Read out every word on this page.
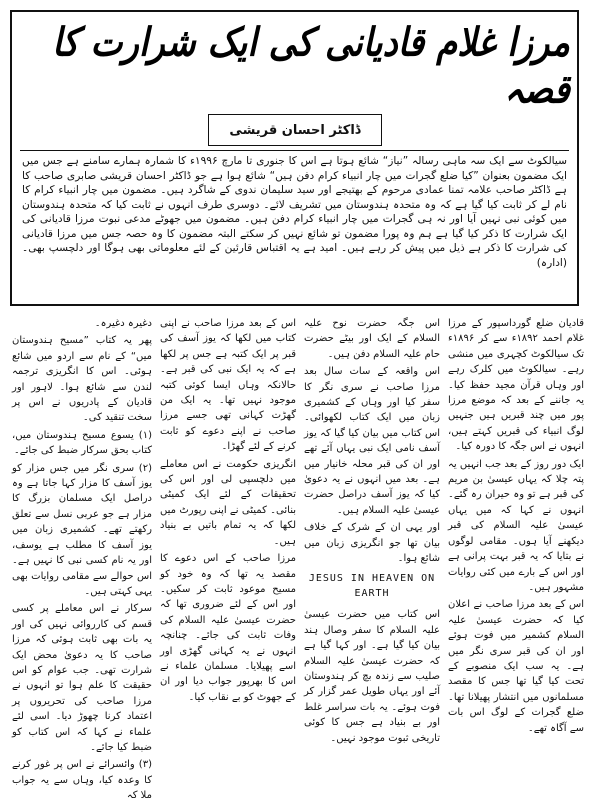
مرزا غلام قادیانی کی ایک شرارت کا قصہ
ڈاکٹر احسان قریشی

سیالکوٹ سے ایک سہ ماہی رسالہ ”نیاز“ شائع ہوتا ہے اس کا جنوری تا مارچ ۱۹۹۶ء کا شمارہ ہمارے سامنے ہے جس میں ایک مضمون بعنوان ”کیا ضلع گجرات میں چار انبیاء کرام دفن ہیں“ شائع ہوا ہے جو ڈاکٹر احسان قریشی صابری صاحب کا ہے ڈاکٹر صاحب علامہ تمنا عمادی مرحوم کے بھتیجے اور سید سلیمان ندوی کے شاگرد ہیں۔ مضمون میں چار انبیاء کرام کا نام لے کر ثابت کیا گیا ہے کہ وہ متحدہ ہندوستان میں تشریف لائے۔ دوسری طرف انہوں نے ثابت کیا کہ متحدہ ہندوستان میں کوئی نبی نہیں آیا اور نہ ہی گجرات میں چار انبیاء کرام دفن ہیں۔ مضمون میں جھوٹے مدعی نبوت مرزا قادیانی کی ایک شرارت کا ذکر کیا گیا ہے ہم وہ پورا مضمون تو شائع نہیں کر سکتے البتہ مضمون کا وہ حصہ جس میں مرزا قادیانی کی شرارت کا ذکر ہے ذیل میں پیش کر رہے ہیں۔ امید ہے یہ اقتباس قارئین کے لئے معلوماتی بھی ہوگا اور دلچسپ بھی۔ (ادارہ)

قادیان ضلع گورداسپور کے مرزا غلام احمد ۱۸۹۲ء سے کر ۱۸۹۶ء تک سیالکوٹ کچہری میں منشی رہے۔ سیالکوٹ میں کلرک رہے اور وہاں قرآن مجید حفظ کیا۔ یہ جاننے کے بعد کہ موضع مرزا پور میں چند قبریں ہیں جنہیں لوگ انبیاء کی قبریں کہتے ہیں، انہوں نے اس جگہ کا دورہ کیا۔

ایک دور روز کے بعد جب انہیں یہ پتہ چلا کہ یہاں عیسیٰ بن مریم کی قبر ہے تو وہ حیران رہ گئے۔ انہوں نے کہا کہ میں یہاں عیسیٰ علیہ السلام کی قبر دیکھنے آیا ہوں۔ مقامی لوگوں نے بتایا کہ یہ قبر بہت پرانی ہے اور اس کے بارے میں کئی روایات مشہور ہیں۔

اس کے بعد مرزا صاحب نے اعلان کیا کہ حضرت عیسیٰ علیہ السلام کشمیر میں فوت ہوئے اور ان کی قبر سری نگر میں ہے۔ یہ سب ایک منصوبے کے تحت کیا گیا تھا جس کا مقصد مسلمانوں میں انتشار پھیلانا تھا۔ ضلع گجرات کے لوگ اس بات سے آگاہ تھے۔

اس جگہ حضرت نوح علیہ السلام کے ایک اور بیٹے حضرت حام علیہ السلام دفن ہیں۔

اس واقعہ کے سات سال بعد مرزا صاحب نے سری نگر کا سفر کیا اور وہاں کے کشمیری زبان میں ایک کتاب لکھوائی۔ اس کتاب میں بیان کیا گیا کہ یوز آسف نامی ایک نبی یہاں آئے تھے اور ان کی قبر محلہ خانیار میں ہے۔ بعد میں انہوں نے یہ دعویٰ کیا کہ یوز آسف دراصل حضرت عیسیٰ علیہ السلام ہیں۔

اور یہی ان کے شرک کے خلاف بیان تھا جو انگریزی زبان میں شائع ہوا۔

JESUS IN HEAVEN ON EARTH

اس کتاب میں حضرت عیسیٰ علیہ السلام کا سفر وصال ہند بیان کیا گیا ہے۔ اور کہا گیا ہے کہ حضرت عیسیٰ علیہ السلام صلیب سے زندہ بچ کر ہندوستان آئے اور یہاں طویل عمر گزار کر فوت ہوئے۔ یہ بات سراسر غلط اور بے بنیاد ہے جس کا کوئی تاریخی ثبوت موجود نہیں۔

اس کے بعد مرزا صاحب نے اپنی کتاب میں لکھا کہ یوز آسف کی قبر پر ایک کتبہ ہے جس پر لکھا ہے کہ یہ ایک نبی کی قبر ہے۔ حالانکہ وہاں ایسا کوئی کتبہ موجود نہیں تھا۔ یہ ایک من گھڑت کہانی تھی جسے مرزا صاحب نے اپنے دعوے کو ثابت کرنے کے لئے گھڑا۔

انگریزی حکومت نے اس معاملے میں دلچسپی لی اور اس کی تحقیقات کے لئے ایک کمیٹی بنائی۔ کمیٹی نے اپنی رپورٹ میں لکھا کہ یہ تمام باتیں بے بنیاد ہیں۔

مرزا صاحب کے اس دعوے کا مقصد یہ تھا کہ وہ خود کو مسیح موعود ثابت کر سکیں۔ اور اس کے لئے ضروری تھا کہ حضرت عیسیٰ علیہ السلام کی وفات ثابت کی جائے۔ چنانچہ انہوں نے یہ کہانی گھڑی اور اسے پھیلایا۔ مسلمان علماء نے اس کا بھرپور جواب دیا اور ان کے جھوٹ کو بے نقاب کیا۔

دغیرہ دغیرہ۔

پھر یہ کتاب ”مسیح ہندوستان میں“ کے نام سے اردو میں شائع ہوئی۔ اس کا انگریزی ترجمہ لندن سے شائع ہوا۔ لاہور اور قادیان کے پادریوں نے اس پر سخت تنقید کی۔

(۱) یسوع مسیح ہندوستان میں، کتاب بحق سرکار ضبط کی جائے۔

(۲) سری نگر میں جس مزار کو یوز آسف کا مزار کہا جاتا ہے وہ دراصل ایک مسلمان بزرگ کا مزار ہے جو عربی نسل سے تعلق رکھتے تھے۔ کشمیری زبان میں یوز آسف کا مطلب ہے یوسف، اور یہ نام کسی نبی کا نہیں ہے۔ اس حوالے سے مقامی روایات بھی یہی کہتی ہیں۔

سرکار نے اس معاملے پر کسی قسم کی کارروائی نہیں کی اور یہ بات بھی ثابت ہوئی کہ مرزا صاحب کا یہ دعویٰ محض ایک شرارت تھی۔ جب عوام کو اس حقیقت کا علم ہوا تو انہوں نے مرزا صاحب کی تحریروں پر اعتماد کرنا چھوڑ دیا۔ اسی لئے علماء نے کہا کہ اس کتاب کو ضبط کیا جائے۔

(۳) وائسرائے نے اس پر غور کرنے کا وعدہ کیا، وہاں سے یہ جواب ملا کہ
